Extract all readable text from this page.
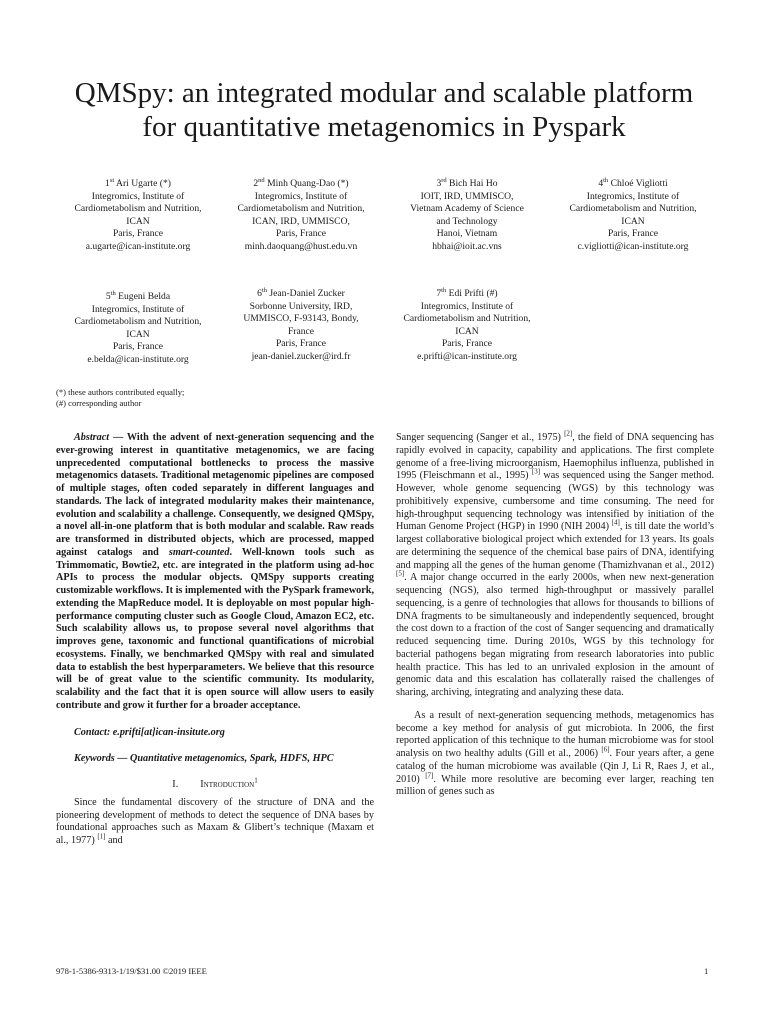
QMSpy: an integrated modular and scalable platform
for quantitative metagenomics in Pyspark
1st Ari Ugarte (*)
Integromics, Institute of
Cardiometabolism and Nutrition,
ICAN
Paris, France
a.ugarte@ican-institute.org
2nd Minh Quang-Dao (*)
Integromics, Institute of
Cardiometabolism and Nutrition,
ICAN, IRD, UMMISCO,
Paris, France
minh.daoquang@hust.edu.vn
3rd Bich Hai Ho
IOIT, IRD, UMMISCO,
Vietnam Academy of Science
and Technology
Hanoi, Vietnam
hbhai@ioit.ac.vns
4th Chloé Vigliotti
Integromics, Institute of
Cardiometabolism and Nutrition,
ICAN
Paris, France
c.vigliotti@ican-institute.org
5th Eugeni Belda
Integromics, Institute of
Cardiometabolism and Nutrition,
ICAN
Paris, France
e.belda@ican-institute.org
6th Jean-Daniel Zucker
Sorbonne University, IRD,
UMMISCO, F-93143, Bondy,
France
Paris, France
jean-daniel.zucker@ird.fr
7th Edi Prifti (#)
Integromics, Institute of
Cardiometabolism and Nutrition,
ICAN
Paris, France
e.prifti@ican-institute.org
(*) these authors contributed equally;
(#) corresponding author

Abstract — With the advent of next-generation sequencing and the ever-growing interest in quantitative metagenomics, we are facing unprecedented computational bottlenecks to process the massive metagenomics datasets. Traditional metagenomic pipelines are composed of multiple stages, often coded separately in different languages and standards. The lack of integrated modularity makes their maintenance, evolution and scalability a challenge. Consequently, we designed QMSpy, a novel all-in-one platform that is both modular and scalable. Raw reads are transformed in distributed objects, which are processed, mapped against catalogs and smart-counted. Well-known tools such as Trimmomatic, Bowtie2, etc. are integrated in the platform using ad-hoc APIs to process the modular objects. QMSpy supports creating customizable workflows. It is implemented with the PySpark framework, extending the MapReduce model. It is deployable on most popular high-performance computing cluster such as Google Cloud, Amazon EC2, etc. Such scalability allows us, to propose several novel algorithms that improves gene, taxonomic and functional quantifications of microbial ecosystems. Finally, we benchmarked QMSpy with real and simulated data to establish the best hyperparameters. We believe that this resource will be of great value to the scientific community. Its modularity, scalability and the fact that it is open source will allow users to easily contribute and grow it further for a broader acceptance.

Contact: e.prifti[at]ican-insitute.org

Keywords — Quantitative metagenomics, Spark, HDFS, HPC

I. Introduction$^1$

Since the fundamental discovery of the structure of DNA and the pioneering development of methods to detect the sequence of DNA bases by foundational approaches such as Maxam & Glibert’s technique (Maxam et al., 1977) [1] and

Sanger sequencing (Sanger et al., 1975) [2], the field of DNA sequencing has rapidly evolved in capacity, capability and applications. The first complete genome of a free-living microorganism, Haemophilus influenza, published in 1995 (Fleischmann et al., 1995) [3] was sequenced using the Sanger method. However, whole genome sequencing (WGS) by this technology was prohibitively expensive, cumbersome and time consuming. The need for high-throughput sequencing technology was intensified by initiation of the Human Genome Project (HGP) in 1990 (NIH 2004) [4], is till date the world’s largest collaborative biological project which extended for 13 years. Its goals are determining the sequence of the chemical base pairs of DNA, identifying and mapping all the genes of the human genome (Thamizhvanan et al., 2012) [5]. A major change occurred in the early 2000s, when new next-generation sequencing (NGS), also termed high-throughput or massively parallel sequencing, is a genre of technologies that allows for thousands to billions of DNA fragments to be simultaneously and independently sequenced, brought the cost down to a fraction of the cost of Sanger sequencing and dramatically reduced sequencing time. During 2010s, WGS by this technology for bacterial pathogens began migrating from research laboratories into public health practice. This has led to an unrivaled explosion in the amount of genomic data and this escalation has collaterally raised the challenges of sharing, archiving, integrating and analyzing these data.

As a result of next-generation sequencing methods, metagenomics has become a key method for analysis of gut microbiota. In 2006, the first reported application of this technique to the human microbiome was for stool analysis on two healthy adults (Gill et al., 2006) [6]. Four years after, a gene catalog of the human microbiome was available (Qin J, Li R, Raes J, et al., 2010) [7]. While more resolutive are becoming ever larger, reaching ten million of genes such as

978-1-5386-9313-1/19/$31.00 ©2019 IEEE	1
